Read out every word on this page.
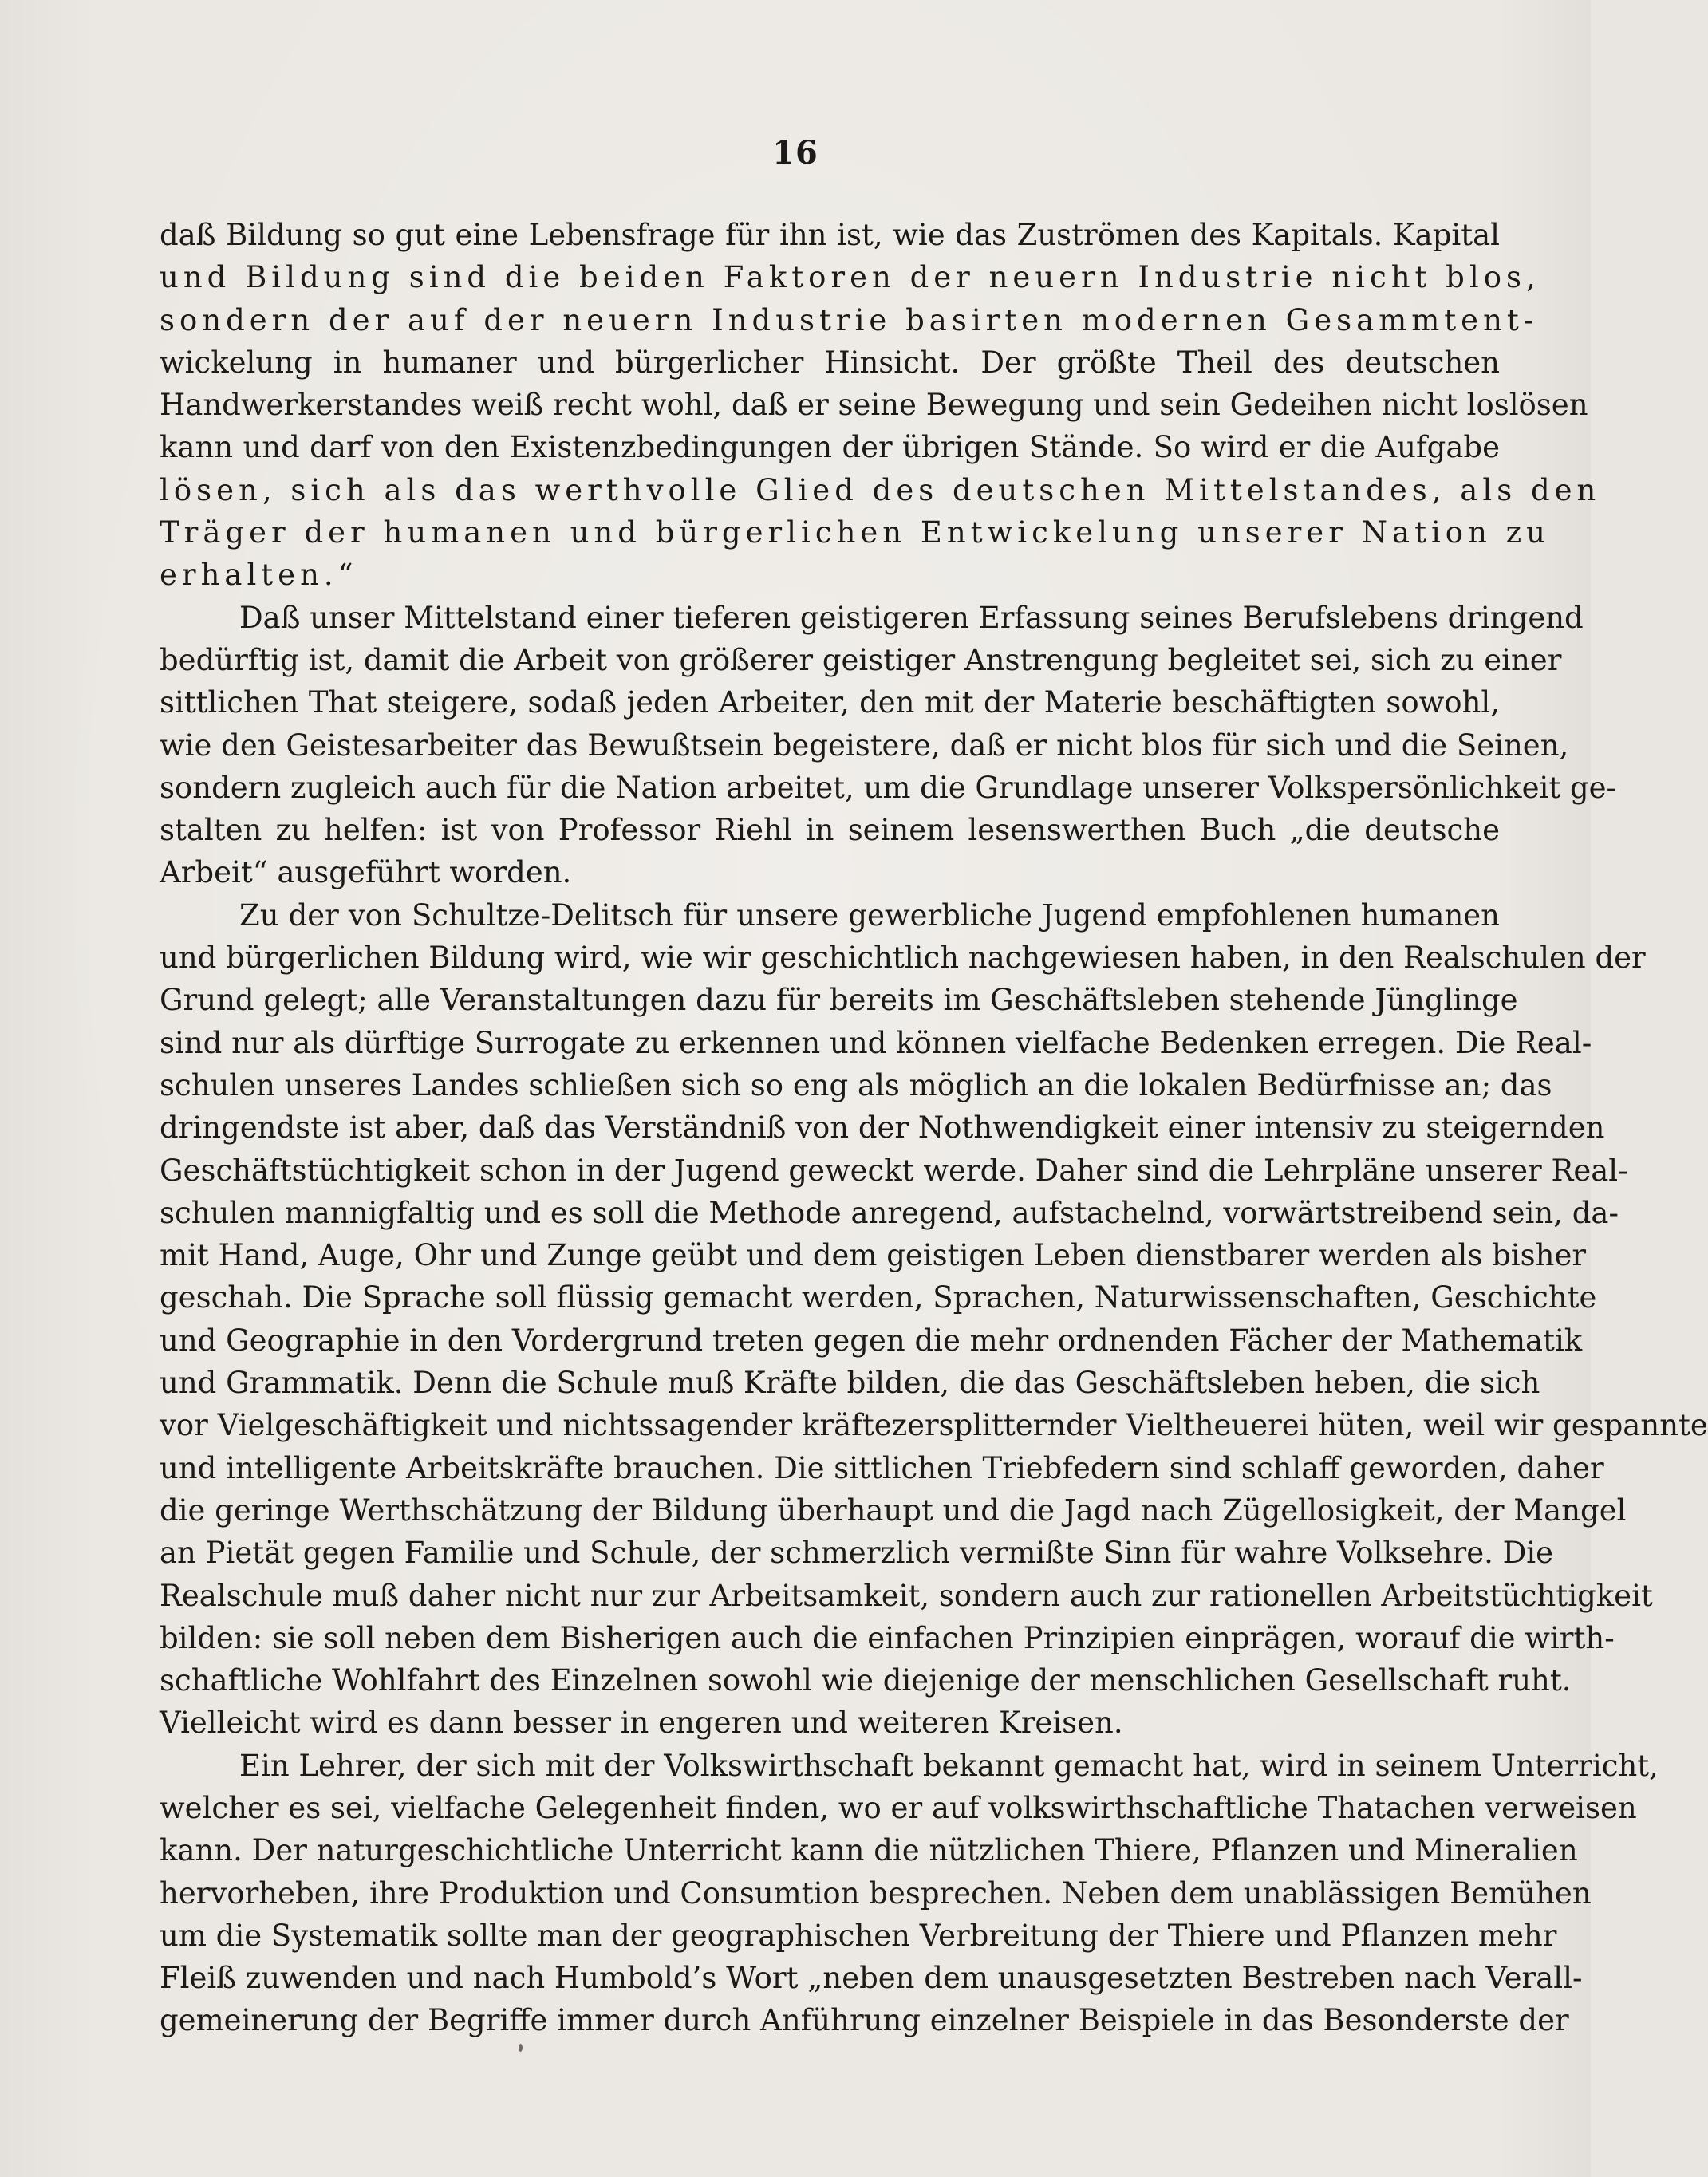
16
daß Bildung so gut eine Lebensfrage für ihn ist, wie das Zuströmen des Kapitals. Kapital
und Bildung sind die beiden Faktoren der neuern Industrie nicht blos,
sondern der auf der neuern Industrie basirten modernen Gesammtent-
wickelung in humaner und bürgerlicher Hinsicht. Der größte Theil des deutschen
Handwerkerstandes weiß recht wohl, daß er seine Bewegung und sein Gedeihen nicht loslösen
kann und darf von den Existenzbedingungen der übrigen Stände. So wird er die Aufgabe
lösen, sich als das werthvolle Glied des deutschen Mittelstandes, als den
Träger der humanen und bürgerlichen Entwickelung unserer Nation zu
erhalten.“
Daß unser Mittelstand einer tieferen geistigeren Erfassung seines Berufslebens dringend
bedürftig ist, damit die Arbeit von größerer geistiger Anstrengung begleitet sei, sich zu einer
sittlichen That steigere, sodaß jeden Arbeiter, den mit der Materie beschäftigten sowohl,
wie den Geistesarbeiter das Bewußtsein begeistere, daß er nicht blos für sich und die Seinen,
sondern zugleich auch für die Nation arbeitet, um die Grundlage unserer Volkspersönlichkeit ge-
stalten zu helfen: ist von Professor Riehl in seinem lesenswerthen Buch „die deutsche
Arbeit“ ausgeführt worden.
Zu der von Schultze-Delitsch für unsere gewerbliche Jugend empfohlenen humanen
und bürgerlichen Bildung wird, wie wir geschichtlich nachgewiesen haben, in den Realschulen der
Grund gelegt; alle Veranstaltungen dazu für bereits im Geschäftsleben stehende Jünglinge
sind nur als dürftige Surrogate zu erkennen und können vielfache Bedenken erregen. Die Real-
schulen unseres Landes schließen sich so eng als möglich an die lokalen Bedürfnisse an; das
dringendste ist aber, daß das Verständniß von der Nothwendigkeit einer intensiv zu steigernden
Geschäftstüchtigkeit schon in der Jugend geweckt werde. Daher sind die Lehrpläne unserer Real-
schulen mannigfaltig und es soll die Methode anregend, aufstachelnd, vorwärtstreibend sein, da-
mit Hand, Auge, Ohr und Zunge geübt und dem geistigen Leben dienstbarer werden als bisher
geschah. Die Sprache soll flüssig gemacht werden, Sprachen, Naturwissenschaften, Geschichte
und Geographie in den Vordergrund treten gegen die mehr ordnenden Fächer der Mathematik
und Grammatik. Denn die Schule muß Kräfte bilden, die das Geschäftsleben heben, die sich
vor Vielgeschäftigkeit und nichtssagender kräftezersplitternder Vieltheuerei hüten, weil wir gespannte
und intelligente Arbeitskräfte brauchen. Die sittlichen Triebfedern sind schlaff geworden, daher
die geringe Werthschätzung der Bildung überhaupt und die Jagd nach Zügellosigkeit, der Mangel
an Pietät gegen Familie und Schule, der schmerzlich vermißte Sinn für wahre Volksehre. Die
Realschule muß daher nicht nur zur Arbeitsamkeit, sondern auch zur rationellen Arbeitstüchtigkeit
bilden: sie soll neben dem Bisherigen auch die einfachen Prinzipien einprägen, worauf die wirth-
schaftliche Wohlfahrt des Einzelnen sowohl wie diejenige der menschlichen Gesellschaft ruht.
Vielleicht wird es dann besser in engeren und weiteren Kreisen.
Ein Lehrer, der sich mit der Volkswirthschaft bekannt gemacht hat, wird in seinem Unterricht,
welcher es sei, vielfache Gelegenheit finden, wo er auf volkswirthschaftliche Thatachen verweisen
kann. Der naturgeschichtliche Unterricht kann die nützlichen Thiere, Pflanzen und Mineralien
hervorheben, ihre Produktion und Consumtion besprechen. Neben dem unablässigen Bemühen
um die Systematik sollte man der geographischen Verbreitung der Thiere und Pflanzen mehr
Fleiß zuwenden und nach Humbold’s Wort „neben dem unausgesetzten Bestreben nach Verall-
gemeinerung der Begriffe immer durch Anführung einzelner Beispiele in das Besonderste der
